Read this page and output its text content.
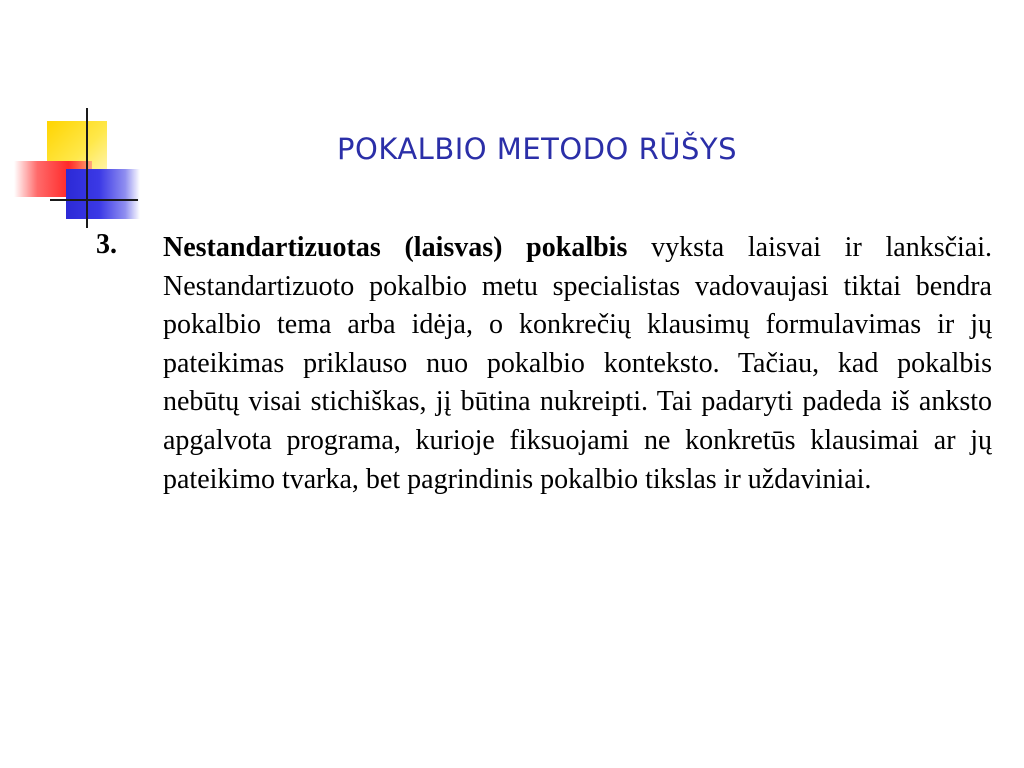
POKALBIO METODO RŪŠYS
3. Nestandartizuotas (laisvas) pokalbis vyksta laisvai ir lanksčiai. Nestandartizuoto pokalbio metu specialistas vadovaujasi tiktai bendra pokalbio tema arba idėja, o konkrečių klausimų formulavimas ir jų pateikimas priklauso nuo pokalbio konteksto. Tačiau, kad pokalbis nebūtų visai stichiškas, jį būtina nukreipti. Tai padaryti padeda iš anksto apgalvota programa, kurioje fiksuojami ne konkretūs klausimai ar jų pateikimo tvarka, bet pagrindinis pokalbio tikslas ir uždaviniai.
